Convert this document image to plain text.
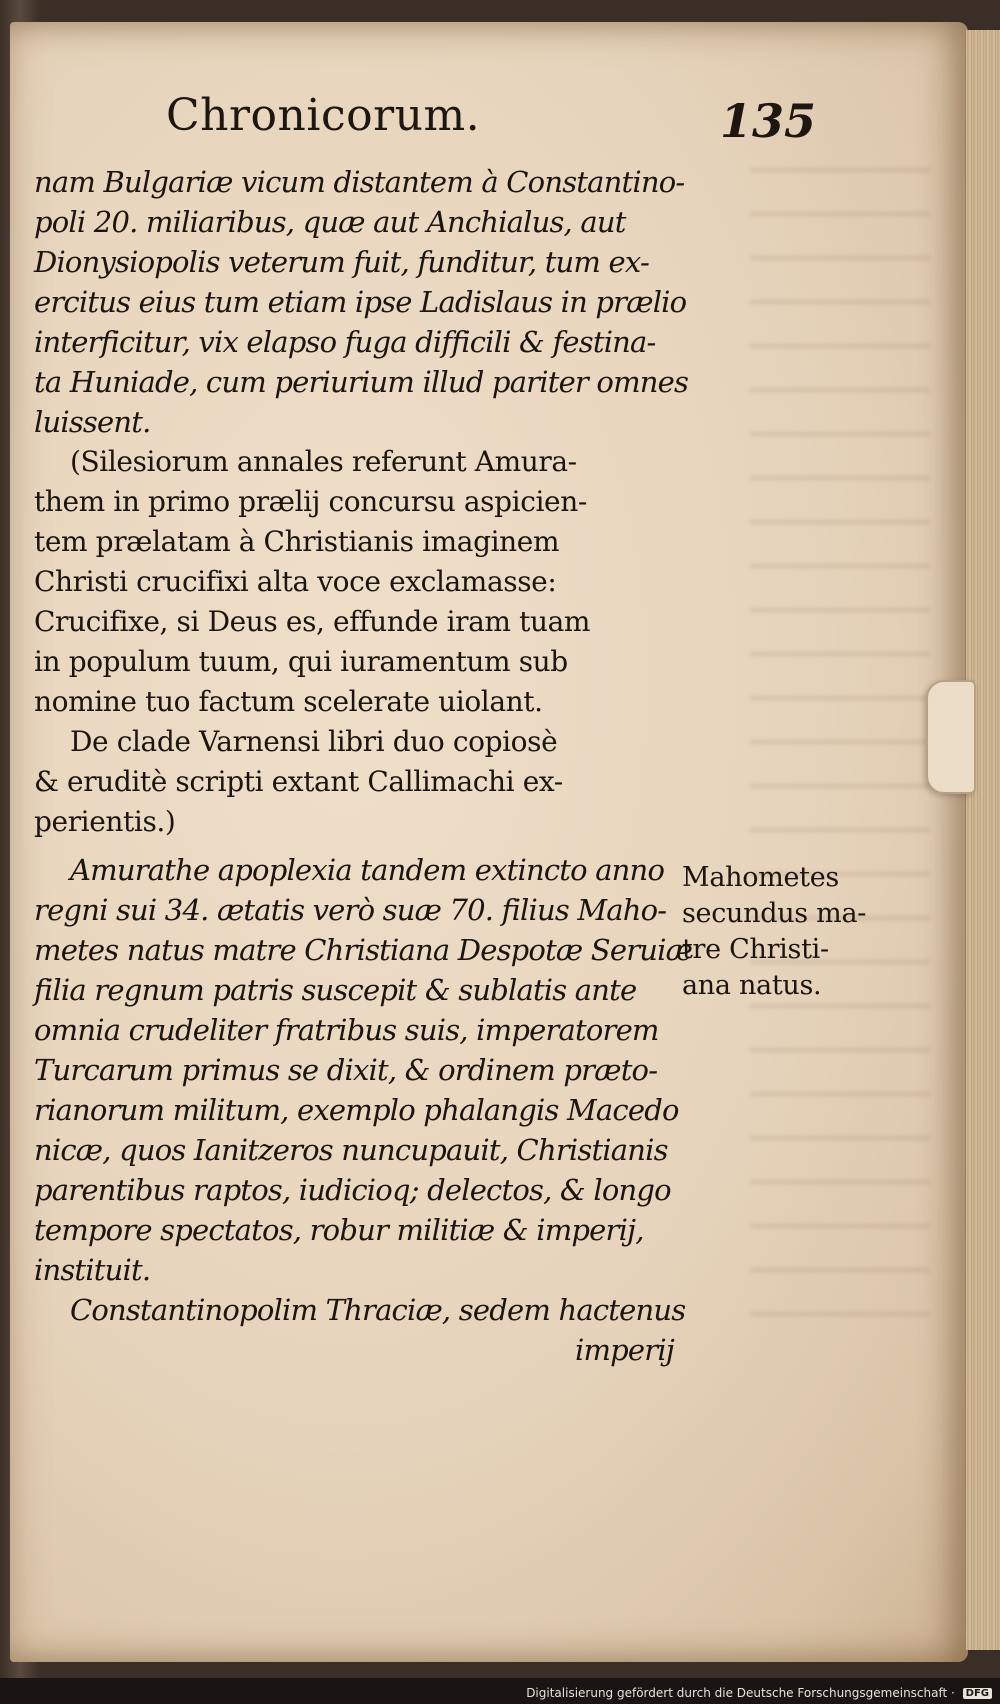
Chronicorum.	135
nam Bulgariæ vicum distantem à Constantino-
poli 20. miliaribus, quæ aut Anchialus, aut
Dionysiopolis veterum fuit, funditur, tum ex-
ercitus eius tum etiam ipse Ladislaus in prælio
interficitur, vix elapso fuga difficili & festina-
ta Huniade, cum periurium illud pariter omnes
luissent.
(Silesiorum annales referunt Amura-
them in primo prælij concursu aspicien-
tem prælatam à Christianis imaginem
Christi crucifixi alta voce exclamasse:
Crucifixe, si Deus es, effunde iram tuam
in populum tuum, qui iuramentum sub
nomine tuo factum scelerate uiolant.
De clade Varnensi libri duo copiosè
& eruditè scripti extant Callimachi ex-
perientis.)
Amurathe apoplexia tandem extincto anno
regni sui 34. ætatis verò suæ 70. filius Maho-
metes natus matre Christiana Despotæ Seruiæ
filia regnum patris suscepit & sublatis ante
omnia crudeliter fratribus suis, imperatorem
Turcarum primus se dixit, & ordinem præto-
rianorum militum, exemplo phalangis Macedo
nicæ, quos Ianitzeros nuncupauit, Christianis
parentibus raptos, iudicioq; delectos, & longo
tempore spectatos, robur militiæ & imperij,
instituit.
Constantinopolim Thraciæ, sedem hactenus
imperij
Mahometes
secundus ma-
tre Christi-
ana natus.
Digitalisierung gefördert durch die Deutsche Forschungsgemeinschaft · DFG
